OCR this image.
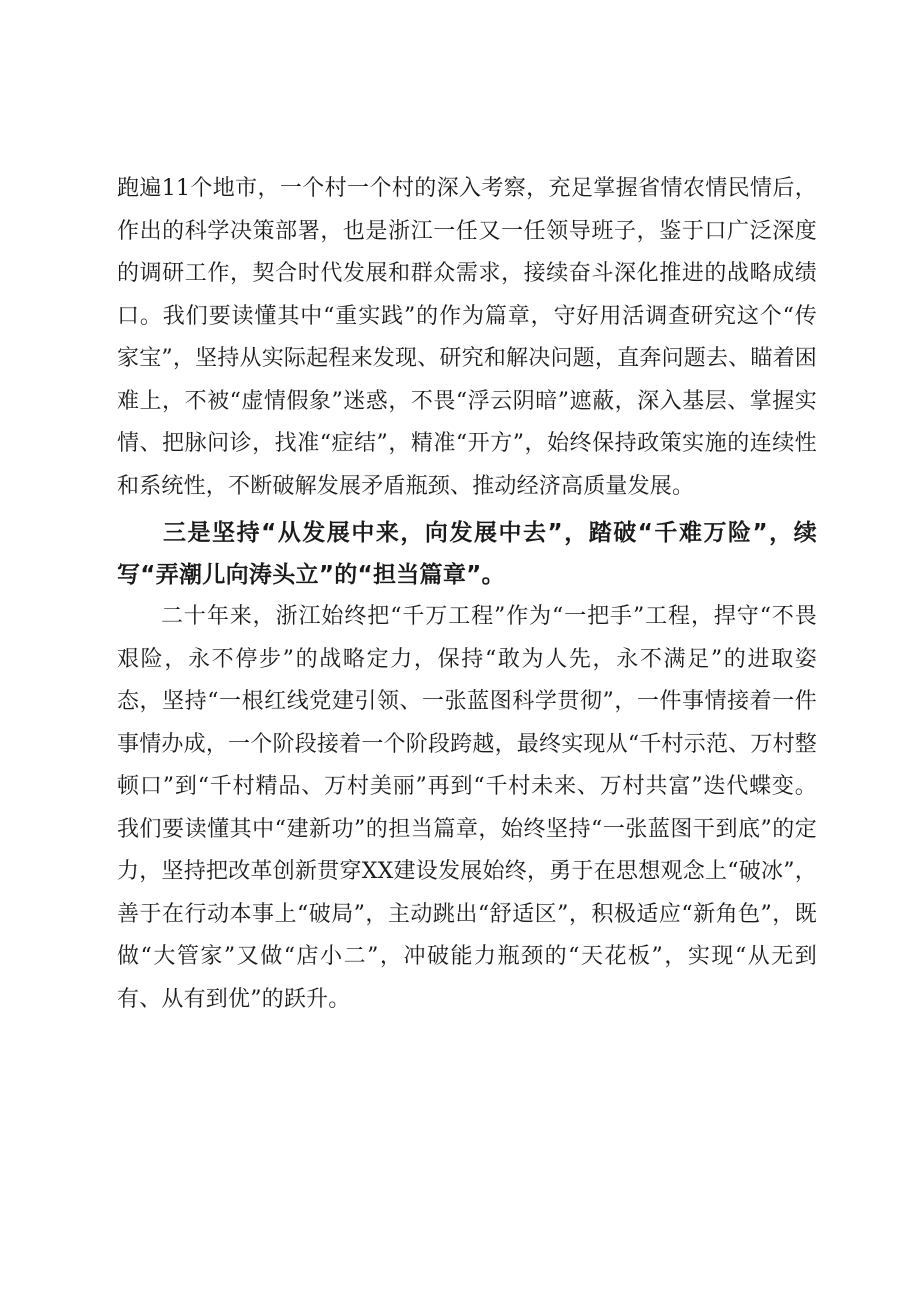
跑遍11个地市，一个村一个村的深入考察，充足掌握省情农情民情后，作出的科学决策部署，也是浙江一任又一任领导班子，鉴于口广泛深度的调研工作，契合时代发展和群众需求，接续奋斗深化推进的战略成绩口。我们要读懂其中“重实践”的作为篇章，守好用活调查研究这个“传家宝”，坚持从实际起程来发现、研究和解决问题，直奔问题去、瞄着困难上，不被“虚情假象”迷惑，不畏“浮云阴暗”遮蔽，深入基层、掌握实情、把脉问诊，找准“症结”，精准“开方”，始终保持政策实施的连续性和系统性，不断破解发展矛盾瓶颈、推动经济高质量发展。

三是坚持“从发展中来，向发展中去”，踏破“千难万险”，续写“弄潮儿向涛头立”的“担当篇章”。

二十年来，浙江始终把“千万工程”作为“一把手”工程，捍守“不畏艰险，永不停步”的战略定力，保持“敢为人先，永不满足”的进取姿态，坚持“一根红线党建引领、一张蓝图科学贯彻”，一件事情接着一件事情办成，一个阶段接着一个阶段跨越，最终实现从“千村示范、万村整顿口”到“千村精品、万村美丽”再到“千村未来、万村共富”迭代蝶变。我们要读懂其中“建新功”的担当篇章，始终坚持“一张蓝图干到底”的定力，坚持把改革创新贯穿XX建设发展始终，勇于在思想观念上“破冰”，善于在行动本事上“破局”，主动跳出“舒适区”，积极适应“新角色”，既做“大管家”又做“店小二”，冲破能力瓶颈的“天花板”，实现“从无到有、从有到优”的跃升。
